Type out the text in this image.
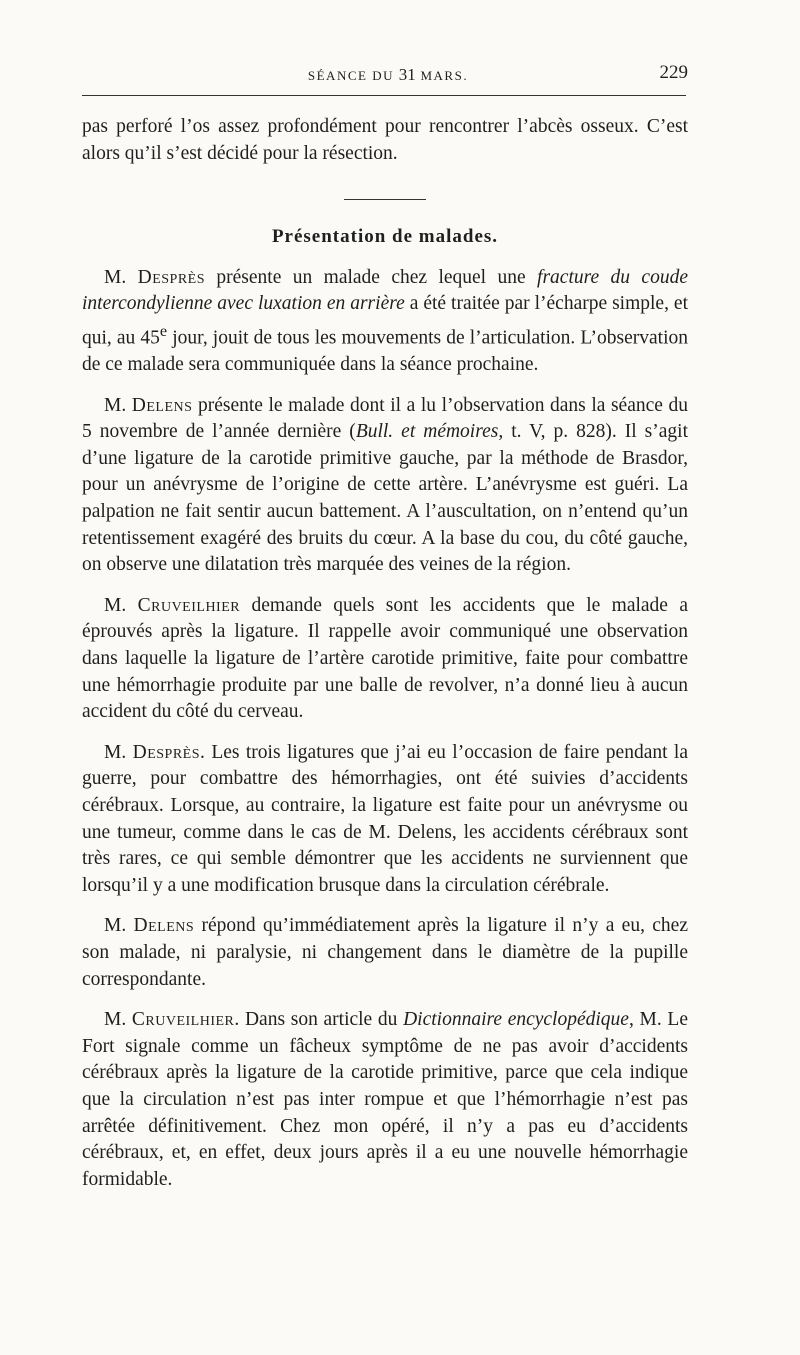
SÉANCE DU 31 MARS.	229

pas perforé l’os assez profondément pour rencontrer l’abcès osseux. C’est alors qu’il s’est décidé pour la résection.

Présentation de malades.

M. Desprès présente un malade chez lequel une fracture du coude intercondylienne avec luxation en arrière a été traitée par l’écharpe simple, et qui, au 45e jour, jouit de tous les mouvements de l’articulation. L’observation de ce malade sera communiquée dans la séance prochaine.

M. Delens présente le malade dont il a lu l’observation dans la séance du 5 novembre de l’année dernière (Bull. et mémoires, t. V, p. 828). Il s’agit d’une ligature de la carotide primitive gauche, par la méthode de Brasdor, pour un anévrysme de l’origine de cette artère. L’anévrysme est guéri. La palpation ne fait sentir aucun battement. A l’auscultation, on n’entend qu’un retentissement exagéré des bruits du cœur. A la base du cou, du côté gauche, on observe une dilatation très marquée des veines de la région.

M. Cruveilhier demande quels sont les accidents que le malade a éprouvés après la ligature. Il rappelle avoir communiqué une observation dans laquelle la ligature de l’artère carotide primitive, faite pour combattre une hémorrhagie produite par une balle de revolver, n’a donné lieu à aucun accident du côté du cerveau.

M. Desprès. Les trois ligatures que j’ai eu l’occasion de faire pendant la guerre, pour combattre des hémorrhagies, ont été suivies d’accidents cérébraux. Lorsque, au contraire, la ligature est faite pour un anévrysme ou une tumeur, comme dans le cas de M. Delens, les accidents cérébraux sont très rares, ce qui semble démontrer que les accidents ne surviennent que lorsqu’il y a une modification brusque dans la circulation cérébrale.

M. Delens répond qu’immédiatement après la ligature il n’y a eu, chez son malade, ni paralysie, ni changement dans le diamètre de la pupille correspondante.

M. Cruveilhier. Dans son article du Dictionnaire encyclopédique, M. Le Fort signale comme un fâcheux symptôme de ne pas avoir d’accidents cérébraux après la ligature de la carotide primitive, parce que cela indique que la circulation n’est pas inter rompue et que l’hémorrhagie n’est pas arrêtée définitivement. Chez mon opéré, il n’y a pas eu d’accidents cérébraux, et, en effet, deux jours après il a eu une nouvelle hémorrhagie formidable.
